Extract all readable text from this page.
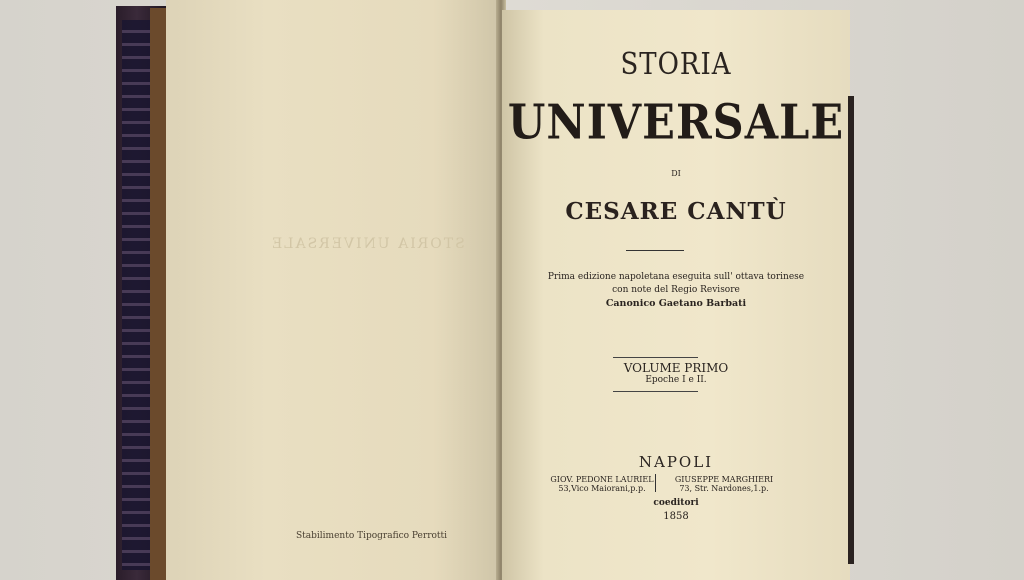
STORIA UNIVERSALE
Stabilimento Tipografico Perrotti
STORIA
UNIVERSALE
DI
CESARE CANTÙ
Prima edizione napoletana eseguita sull' ottava torinese
con note del Regio Revisore
Canonico Gaetano Barbati
VOLUME PRIMO
Epoche I e II.
NAPOLI
GIOV. PEDONE LAURIEL
53,Vico Maiorani,p.p.
GIUSEPPE MARGHIERI
73, Str. Nardones,1.p.
coeditori
1858
